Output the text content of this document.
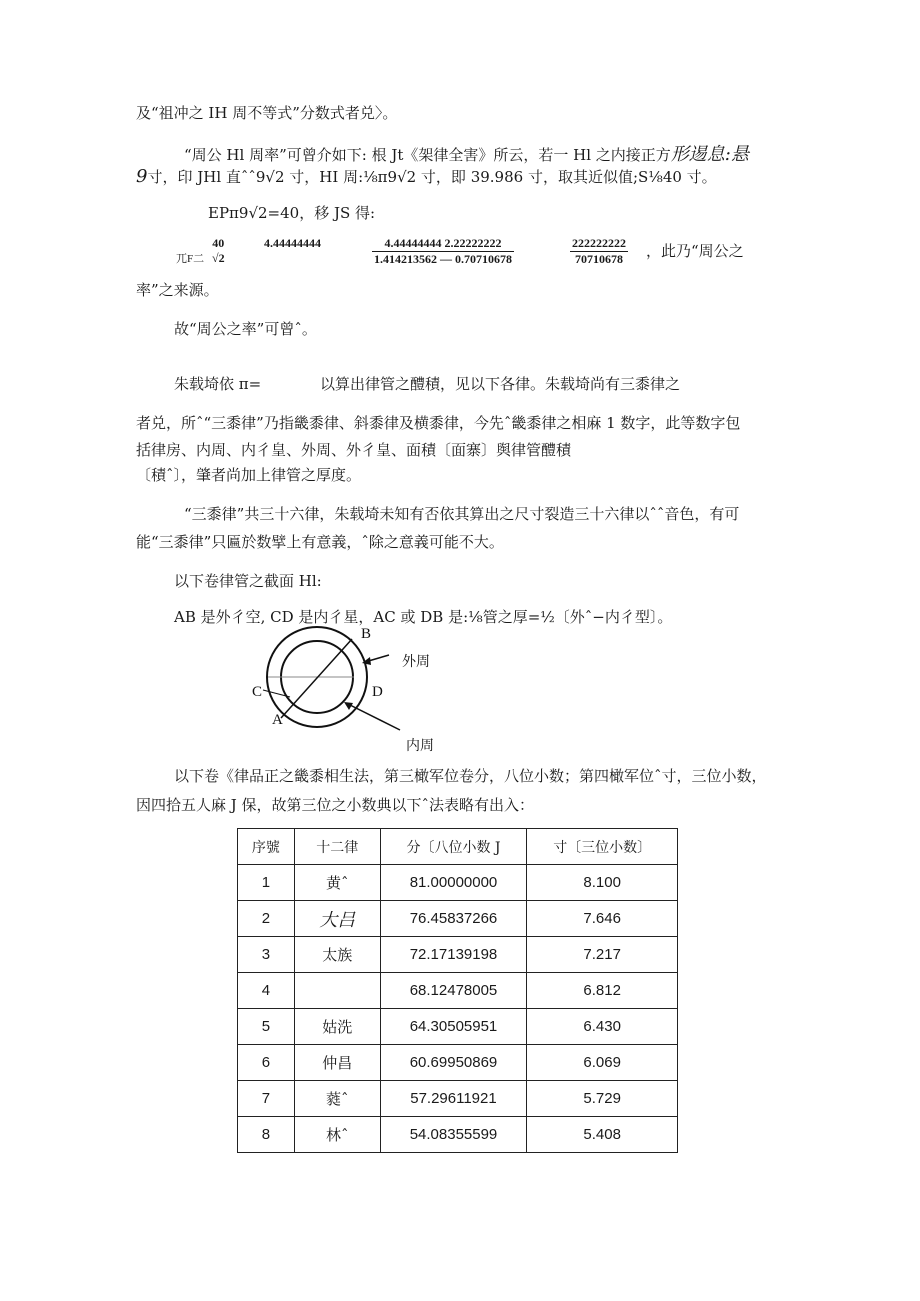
及“祖冲之 IH 周不等式”分数式者兑〉。
“周公 Hl 周率”可曾介如下: 根 Jt《架律全害》所云，若一 Hl 之内接正方形逷息:悬
9寸，印 JHl 直ˆˆ9√2 寸，HI 周:⅛π9√2 寸，即 39.986 寸，取其近似值;S⅛40 寸。
EPπ9√2=40，移 JS 得:
兀F二
40
√2
4.44444444	$\frac{4.44444444 2.22222222}{1.414213562 — 0.70710678}$	$\frac{222222222}{70710678}$ ，此乃“周公之
率”之来源。
故“周公之率”可曾ˆ。
朱载埼依 π=	以算出律管之醴積，见以下各律。朱载埼尚有三黍律之
者兑，所ˆ“三黍律”乃指畿黍律、斜黍律及横黍律，今先ˆ畿黍律之相麻 1 数字，此等数字包
括律房、内周、内彳皇、外周、外彳皇、面積〔面寨〕舆律管醴積
〔積ˆ〕，肇者尚加上律管之厚度。
“三黍律”共三十六律，朱载埼未知有否依其算出之尺寸裂造三十六律以ˆˆ音色，有可
能“三黍律”只匾於数擘上有意義，ˆ除之意義可能不大。
以下卷律管之截面 Hl:
AB 是外彳空, CD 是内彳星，AC 或 DB 是:⅛管之厚=½〔外ˆ−内彳型〕。
B
C	D
A
外周
内周
以下卷《律品正之畿黍相生法，第三橄军位卷分，八位小数；第四橄军位ˆ寸，三位小数，
因四拾五人麻 J 保，故第三位之小数典以下ˆ法表略有出入：
序號	十二律	分〔八位小数 J	寸〔三位小数〕
1	黄ˆ	81.00000000	8.100
2	大吕	76.45837266	7.646
3	太族	72.17139198	7.217
4		68.12478005	6.812
5	姑洗	64.30505951	6.430
6	仲昌	60.69950869	6.069
7	蕤ˆ	57.29611921	5.729
8	林ˆ	54.08355599	5.408
